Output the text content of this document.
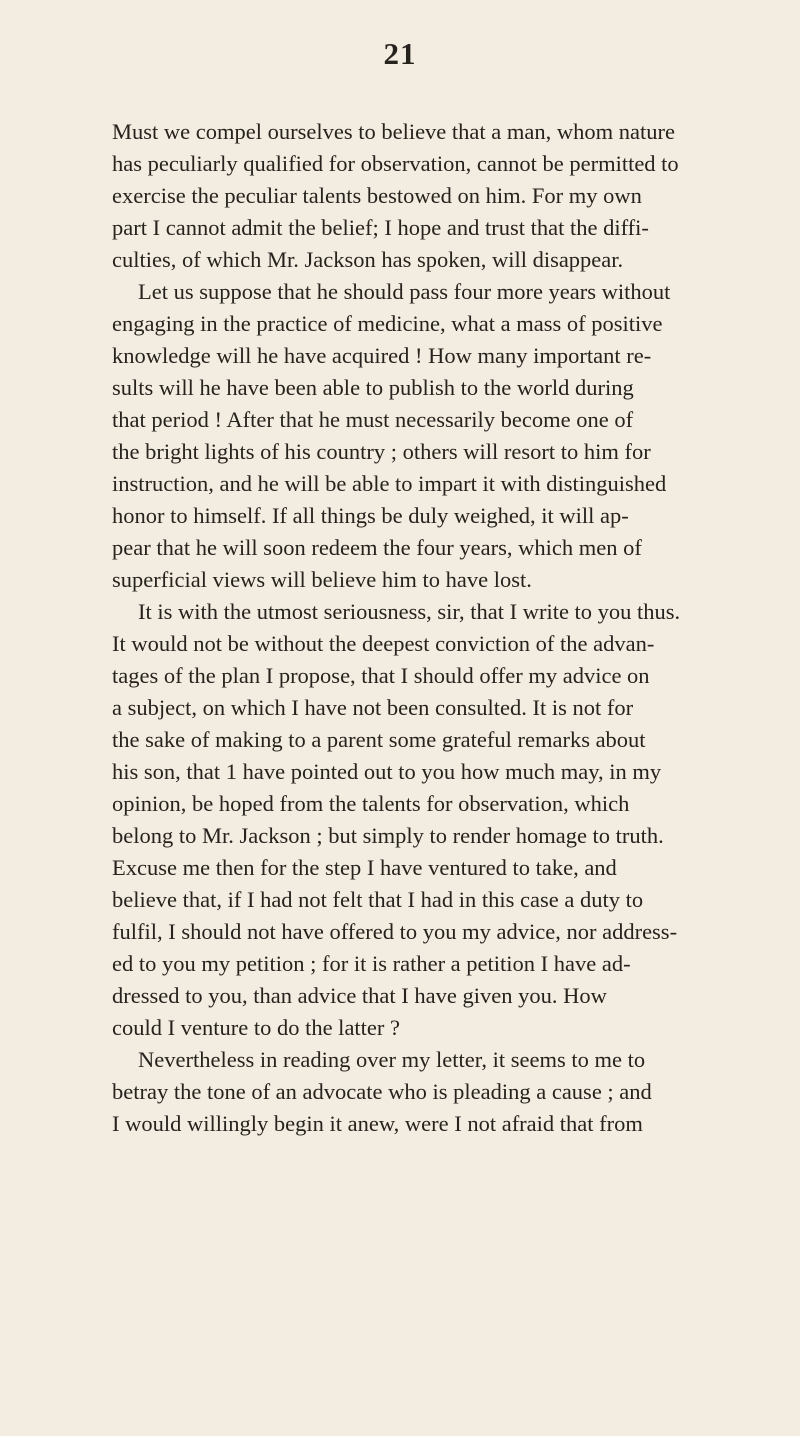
21
Must we compel ourselves to believe that a man, whom nature
has peculiarly qualified for observation, cannot be permitted to
exercise the peculiar talents bestowed on him. For my own
part I cannot admit the belief; I hope and trust that the diffi-
culties, of which Mr. Jackson has spoken, will disappear.
Let us suppose that he should pass four more years without
engaging in the practice of medicine, what a mass of positive
knowledge will he have acquired ! How many important re-
sults will he have been able to publish to the world during
that period ! After that he must necessarily become one of
the bright lights of his country ; others will resort to him for
instruction, and he will be able to impart it with distinguished
honor to himself. If all things be duly weighed, it will ap-
pear that he will soon redeem the four years, which men of
superficial views will believe him to have lost.
It is with the utmost seriousness, sir, that I write to you thus.
It would not be without the deepest conviction of the advan-
tages of the plan I propose, that I should offer my advice on
a subject, on which I have not been consulted. It is not for
the sake of making to a parent some grateful remarks about
his son, that 1 have pointed out to you how much may, in my
opinion, be hoped from the talents for observation, which
belong to Mr. Jackson ; but simply to render homage to truth.
Excuse me then for the step I have ventured to take, and
believe that, if I had not felt that I had in this case a duty to
fulfil, I should not have offered to you my advice, nor address-
ed to you my petition ; for it is rather a petition I have ad-
dressed to you, than advice that I have given you. How
could I venture to do the latter ?
Nevertheless in reading over my letter, it seems to me to
betray the tone of an advocate who is pleading a cause ; and
I would willingly begin it anew, were I not afraid that from
